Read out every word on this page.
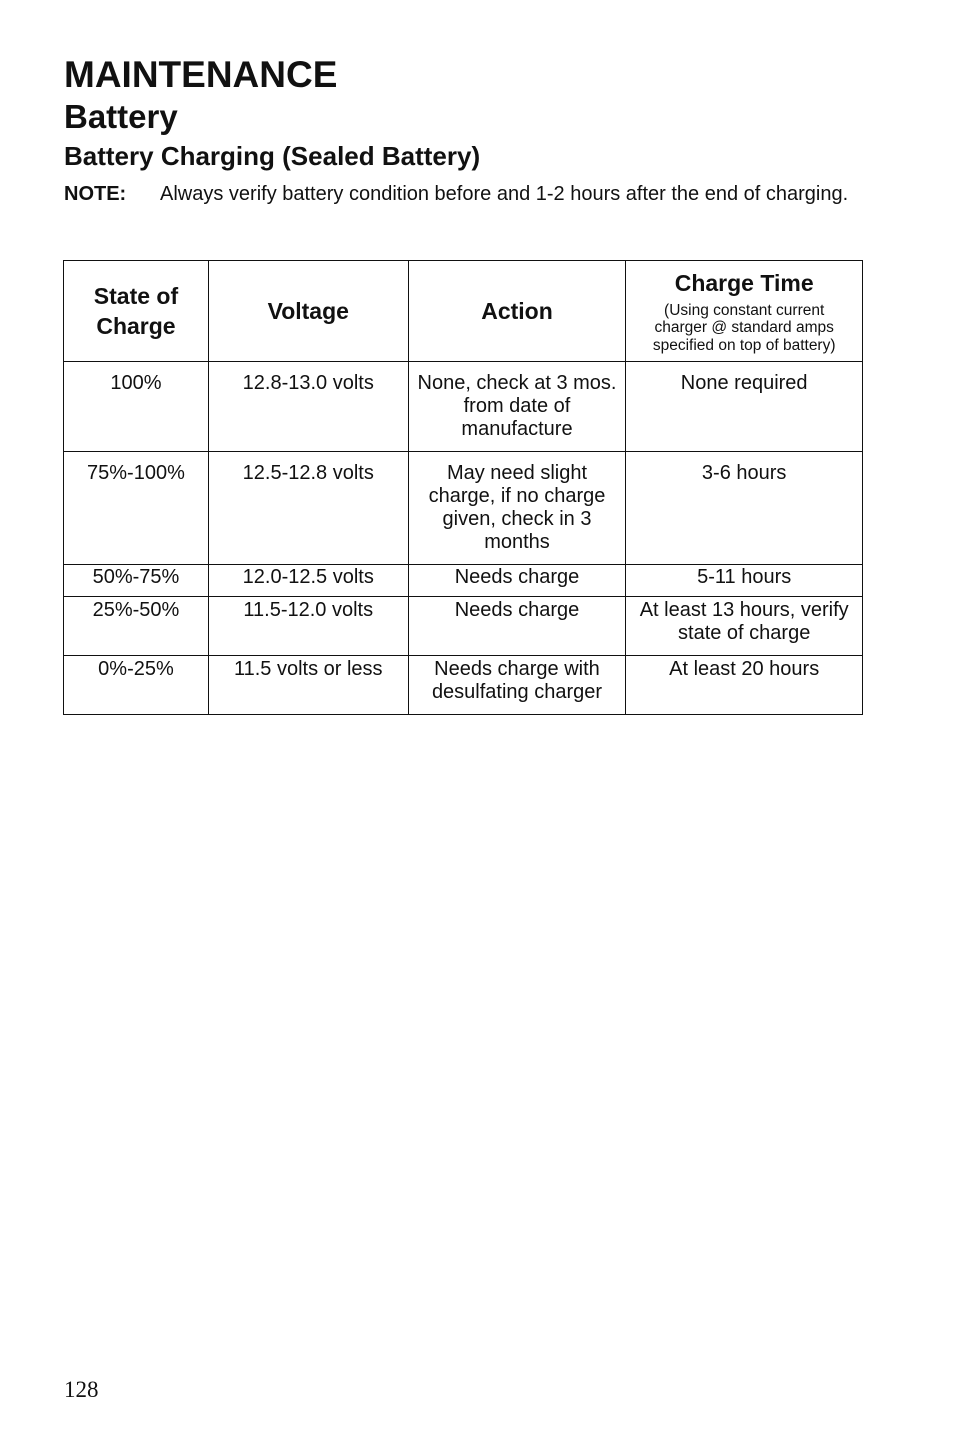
MAINTENANCE
Battery
Battery Charging (Sealed Battery)
NOTE: Always verify battery condition before and 1-2 hours after the end of charging.
State of Charge	Voltage	Action	Charge Time
(Using constant current charger @ standard amps specified on top of battery)

100%	12.8-13.0 volts	None, check at 3 mos. from date of manufacture	None required
75%-100%	12.5-12.8 volts	May need slight charge, if no charge given, check in 3 months	3-6 hours
50%-75%	12.0-12.5 volts	Needs charge	5-11 hours
25%-50%	11.5-12.0 volts	Needs charge	At least 13 hours, verify state of charge
0%-25%	11.5 volts or less	Needs charge with desulfating charger	At least 20 hours
128
